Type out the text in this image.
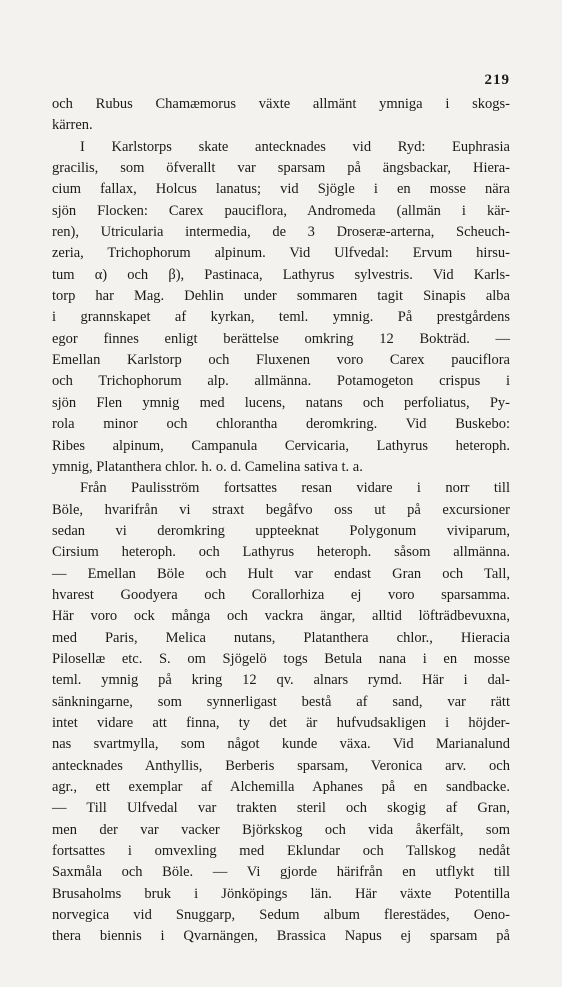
219
och Rubus Chamæmorus växte allmänt ymniga i skogs-
kärren.
I Karlstorps skate antecknades vid Ryd: Euphrasia
gracilis, som öfverallt var sparsam på ängsbackar, Hiera-
cium fallax, Holcus lanatus; vid Sjögle i en mosse nära
sjön Flocken: Carex pauciflora, Andromeda (allmän i kär-
ren), Utricularia intermedia, de 3 Droseræ-arterna, Scheuch-
zeria, Trichophorum alpinum. Vid Ulfvedal: Ervum hirsu-
tum α) och β), Pastinaca, Lathyrus sylvestris. Vid Karls-
torp har Mag. Dehlin under sommaren tagit Sinapis alba
i grannskapet af kyrkan, teml. ymnig. På prestgårdens
egor finnes enligt berättelse omkring 12 Bokträd. —
Emellan Karlstorp och Fluxenen voro Carex pauciflora
och Trichophorum alp. allmänna. Potamogeton crispus i
sjön Flen ymnig med lucens, natans och perfoliatus, Py-
rola minor och chlorantha deromkring. Vid Buskebo:
Ribes alpinum, Campanula Cervicaria, Lathyrus heteroph.
ymnig, Platanthera chlor. h. o. d. Camelina sativa t. a.
Från Paulisström fortsattes resan vidare i norr till
Böle, hvarifrån vi straxt begåfvo oss ut på excursioner
sedan vi deromkring uppteeknat Polygonum viviparum,
Cirsium heteroph. och Lathyrus heteroph. såsom allmänna.
— Emellan Böle och Hult var endast Gran och Tall,
hvarest Goodyera och Corallorhiza ej voro sparsamma.
Här voro ock många och vackra ängar, alltid löfträdbevuxna,
med Paris, Melica nutans, Platanthera chlor., Hieracia
Pilosellæ etc. S. om Sjögelö togs Betula nana i en mosse
teml. ymnig på kring 12 qv. alnars rymd. Här i dal-
sänkningarne, som synnerligast bestå af sand, var rätt
intet vidare att finna, ty det är hufvudsakligen i höjder-
nas svartmylla, som något kunde växa. Vid Marianalund
antecknades Anthyllis, Berberis sparsam, Veronica arv. och
agr., ett exemplar af Alchemilla Aphanes på en sandbacke.
— Till Ulfvedal var trakten steril och skogig af Gran,
men der var vacker Björkskog och vida åkerfält, som
fortsattes i omvexling med Eklundar och Tallskog nedåt
Saxmåla och Böle. — Vi gjorde härifrån en utflykt till
Brusaholms bruk i Jönköpings län. Här växte Potentilla
norvegica vid Snuggarp, Sedum album flerestädes, Oeno-
thera biennis i Qvarnängen, Brassica Napus ej sparsam på
